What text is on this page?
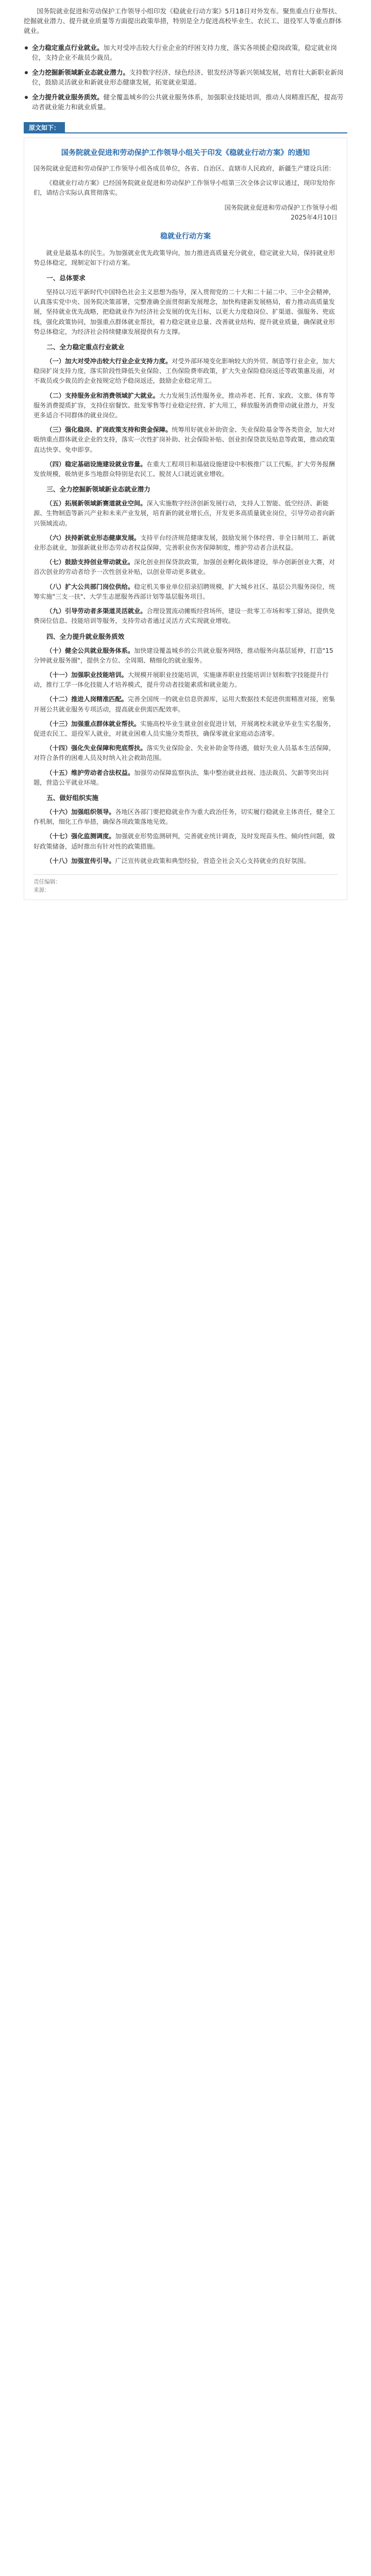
国务院就业促进和劳动保护工作领导小组印发《稳就业行动方案》5月18日对外发布。聚焦重点行业帮扶、挖掘就业潜力、提升就业质量等方面提出政策举措，特别是全力促进高校毕业生、农民工、退役军人等重点群体就业。
全力稳定重点行业就业。加大对受冲击较大行业企业的纾困支持力度，落实各项援企稳岗政策，稳定就业岗位，支持企业不裁员少裁员。
全力挖掘新领域新业态就业潜力。支持数字经济、绿色经济、银发经济等新兴领域发展，培育壮大新职业新岗位，鼓励灵活就业和新就业形态健康发展，拓宽就业渠道。
全力提升就业服务质效。健全覆盖城乡的公共就业服务体系，加强职业技能培训，推动人岗精准匹配，提高劳动者就业能力和就业质量。
原文如下：
国务院就业促进和劳动保护工作领导小组关于印发《稳就业行动方案》的通知
国务院就业促进和劳动保护工作领导小组各成员单位，各省、自治区、直辖市人民政府，新疆生产建设兵团：
《稳就业行动方案》已经国务院就业促进和劳动保护工作领导小组第三次全体会议审议通过，现印发给你们，请结合实际认真贯彻落实。
国务院就业促进和劳动保护工作领导小组
2025年4月10日
稳就业行动方案
就业是最基本的民生。为加强就业优先政策导向，加力推进高质量充分就业，稳定就业大局，保持就业形势总体稳定，现制定如下行动方案。
一、总体要求
坚持以习近平新时代中国特色社会主义思想为指导，深入贯彻党的二十大和二十届二中、三中全会精神，认真落实党中央、国务院决策部署，完整准确全面贯彻新发展理念，加快构建新发展格局，着力推动高质量发展，坚持就业优先战略，把稳就业作为经济社会发展的优先目标，以更大力度稳岗位、扩渠道、强服务、兜底线，强化政策协同，加强重点群体就业帮扶，着力稳定就业总量、改善就业结构、提升就业质量，确保就业形势总体稳定，为经济社会持续健康发展提供有力支撑。
二、全力稳定重点行业就业
（一）加大对受冲击较大行业企业支持力度。对受外部环境变化影响较大的外贸、制造等行业企业，加大稳岗扩岗支持力度，落实阶段性降低失业保险、工伤保险费率政策，扩大失业保险稳岗返还等政策惠及面，对不裁员或少裁员的企业按规定给予稳岗返还，鼓励企业稳定用工。
（二）支持服务业和消费领域扩大就业。大力发展生活性服务业，推动养老、托育、家政、文旅、体育等服务消费提质扩容，支持住宿餐饮、批发零售等行业稳定经营、扩大用工，释放服务消费带动就业潜力，开发更多适合不同群体的就业岗位。
（三）强化稳岗、扩岗政策支持和资金保障。统筹用好就业补助资金、失业保险基金等各类资金，加大对吸纳重点群体就业企业的支持，落实一次性扩岗补助、社会保险补贴、创业担保贷款及贴息等政策，推动政策直达快享、免申即享。
（四）稳定基础设施建设就业容量。在重大工程项目和基础设施建设中积极推广以工代赈，扩大劳务报酬发放规模，吸纳更多当地群众特别是农民工、脱贫人口就近就业增收。
三、全力挖掘新领域新业态就业潜力
（五）拓展新领域新赛道就业空间。深入实施数字经济创新发展行动，支持人工智能、低空经济、新能源、生物制造等新兴产业和未来产业发展，培育新的就业增长点，开发更多高质量就业岗位，引导劳动者向新兴领域流动。
（六）扶持新就业形态健康发展。支持平台经济规范健康发展，鼓励发展个体经营、非全日制用工、新就业形态就业，加强新就业形态劳动者权益保障，完善职业伤害保障制度，维护劳动者合法权益。
（七）鼓励支持创业带动就业。深化创业担保贷款政策，加强创业孵化载体建设，举办创新创业大赛，对首次创业的劳动者给予一次性创业补贴，以创业带动更多就业。
（八）扩大公共部门岗位供给。稳定机关事业单位招录招聘规模，扩大城乡社区、基层公共服务岗位，统筹实施"三支一扶"、大学生志愿服务西部计划等基层服务项目。
（九）引导劳动者多渠道灵活就业。合理设置流动摊贩经营场所，建设一批零工市场和零工驿站，提供免费岗位信息、技能培训等服务，支持劳动者通过灵活方式实现就业增收。
四、全力提升就业服务质效
（十）健全公共就业服务体系。加快建设覆盖城乡的公共就业服务网络，推动服务向基层延伸，打造"15分钟就业服务圈"，提供全方位、全周期、精细化的就业服务。
（十一）加强职业技能培训。大规模开展职业技能培训，实施康养职业技能培训计划和数字技能提升行动，推行工学一体化技能人才培养模式，提升劳动者技能素质和就业能力。
（十二）推进人岗精准匹配。完善全国统一的就业信息资源库，运用大数据技术促进供需精准对接，密集开展公共就业服务专项活动，提高就业供需匹配效率。
（十三）加强重点群体就业帮扶。实施高校毕业生就业创业促进计划，开展离校未就业毕业生实名服务，促进农民工、退役军人就业，对就业困难人员实施分类帮扶，确保零就业家庭动态清零。
（十四）强化失业保障和兜底帮扶。落实失业保险金、失业补助金等待遇，做好失业人员基本生活保障，对符合条件的困难人员及时纳入社会救助范围。
（十五）维护劳动者合法权益。加强劳动保障监察执法，集中整治就业歧视、违法裁员、欠薪等突出问题，营造公平就业环境。
五、做好组织实施
（十六）加强组织领导。各地区各部门要把稳就业作为重大政治任务，切实履行稳就业主体责任，健全工作机制，细化工作举措，确保各项政策落地见效。
（十七）强化监测调度。加强就业形势监测研判，完善就业统计调查，及时发现苗头性、倾向性问题，做好政策储备，适时推出有针对性的政策措施。
（十八）加强宣传引导。广泛宣传就业政策和典型经验，营造全社会关心支持就业的良好氛围。
责任编辑：
来源：
